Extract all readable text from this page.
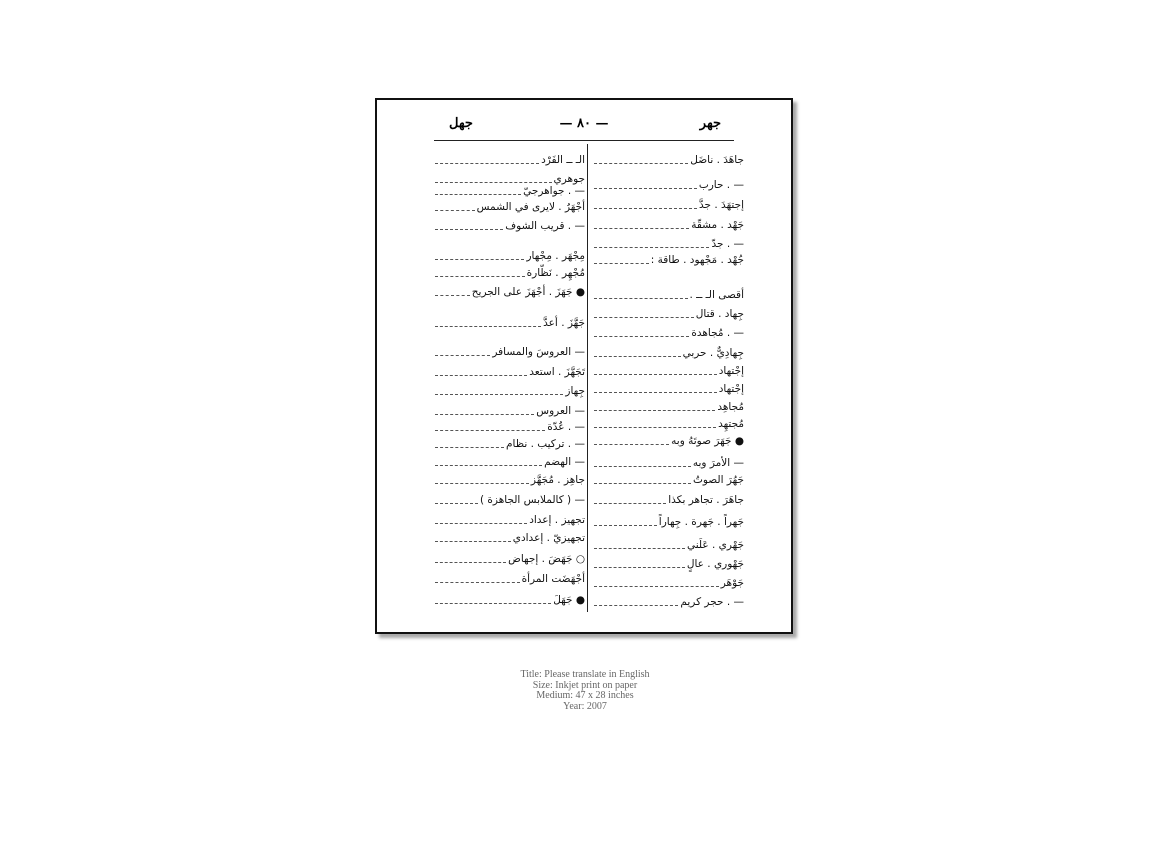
جهل	— ٨٠ —	جهر
جاهَدَ . ناضَل
— . حارب
إجتهَدَ . جدَّ
جَهْد . مشقّة
— . جدّ
جُهْد . مَجْهود . طاقة :
أقصى الـ ــ .
جِهاد . قتال
— . مُجاهدة
جِهادِيٌّ . حربي
إجْتهاد
إجْتهاد
مُجاهِد
مُجتهِد
● جَهَرَ صوتَهُ وبه
— الأمرَ وبه
جَهُرَ الصوتُ
جاهَرَ . تجاهر بكذا
جَهراً . جَهرة . جِهاراً
جَهْري . عَلَني
جَهْوري . عالٍ
جَوْهَر
— . حجر كريم
الـ ــ الفَرْد
جوهري
— . جواهرجيّ
أجْهَرُ . لايرى في الشمس
— . قريب الشوف
مِجْهَر . مِجْهار
مُجْهِر . نَظّارة
● جَهَزَ . أجْهَزَ على الجريح
جَهَّزَ . أعدَّ
— العروسَ والمسافر
تَجَهَّزَ . استعد
جِهاز
— العروس
— . عُدّة
— . تركيب . نظام
— الهضم
جاهِز . مُجَهَّز
— ( كالملابس الجاهزة )
تجهيز . إعداد
تجهيزيّ . إعدادي
○ جَهَضَ . إجهاض
أجْهَضَت المرأة
● جَهَلَ
Title: Please translate in English
Size: Inkjet print on paper
Medium: 47 x 28 inches
Year: 2007
